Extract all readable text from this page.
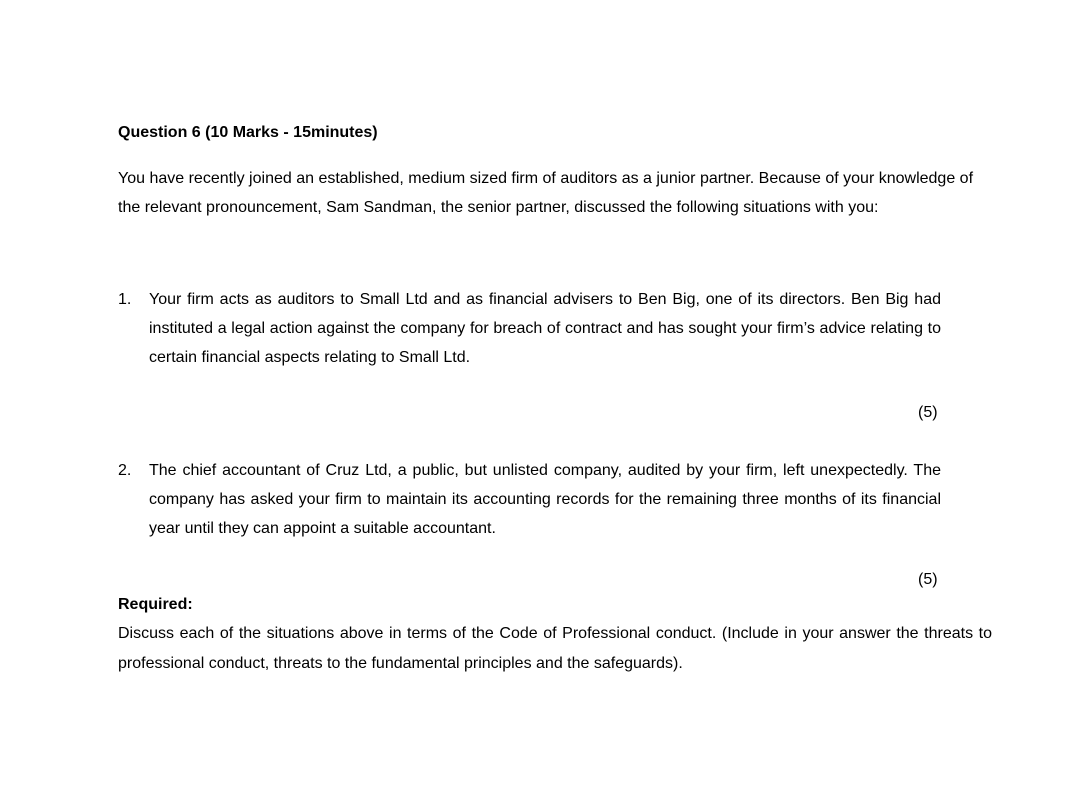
Question 6 (10 Marks - 15minutes)

You have recently joined an established, medium sized firm of auditors as a junior partner. Because of your knowledge of the relevant pronouncement, Sam Sandman, the senior partner, discussed the following situations with you:

1. Your firm acts as auditors to Small Ltd and as financial advisers to Ben Big, one of its directors. Ben Big had instituted a legal action against the company for breach of contract and has sought your firm’s advice relating to certain financial aspects relating to Small Ltd.

(5)
2. The chief accountant of Cruz Ltd, a public, but unlisted company, audited by your firm, left unexpectedly. The company has asked your firm to maintain its accounting records for the remaining three months of its financial year until they can appoint a suitable accountant.

(5)
Required:

Discuss each of the situations above in terms of the Code of Professional conduct. (Include in your answer the threats to professional conduct, threats to the fundamental principles and the safeguards).
